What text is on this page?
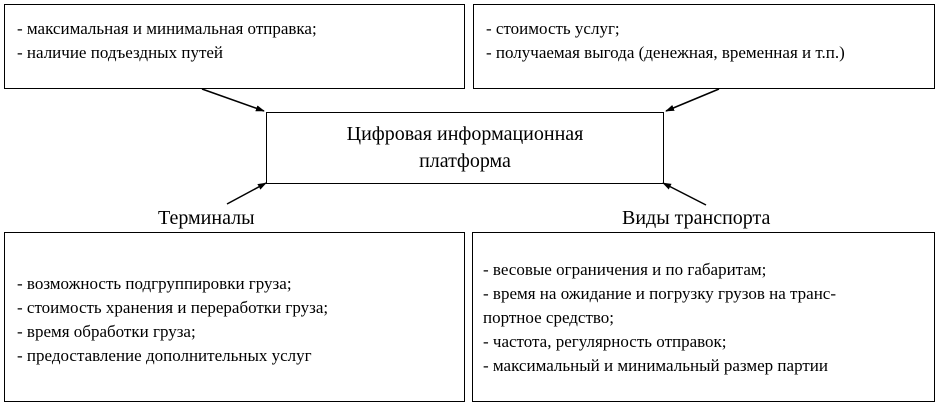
- максимальная и минимальная отправка;
- наличие подъездных путей
- стоимость услуг;
- получаемая выгода (денежная, временная и т.п.)
Цифровая информационная
платформа
Терминалы	Виды транспорта
- возможность подгруппировки груза;
- стоимость хранения и переработки груза;
- время обработки груза;
- предоставление дополнительных услуг
- весовые ограничения и по габаритам;
- время на ожидание и погрузку грузов на транс-
портное средство;
- частота, регулярность отправок;
- максимальный и минимальный размер партии
